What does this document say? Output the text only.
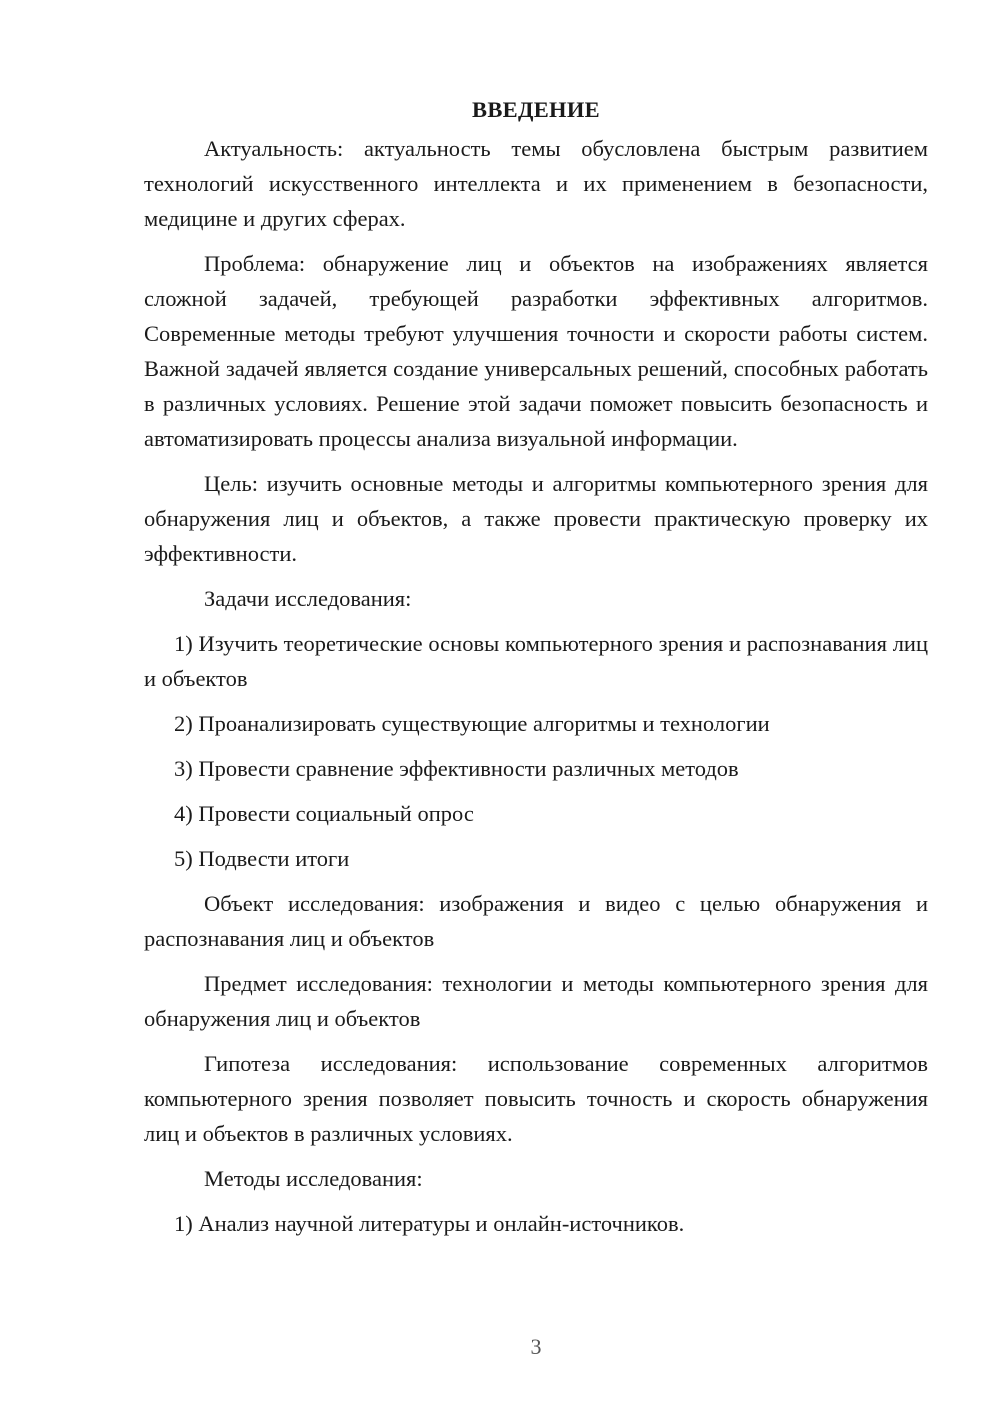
ВВЕДЕНИЕ

Актуальность: актуальность темы обусловлена быстрым развитием технологий искусственного интеллекта и их применением в безопасности, медицине и других сферах.

Проблема: обнаружение лиц и объектов на изображениях является сложной задачей, требующей разработки эффективных алгоритмов. Современные методы требуют улучшения точности и скорости работы систем. Важной задачей является создание универсальных решений, способных работать в различных условиях. Решение этой задачи поможет повысить безопасность и автоматизировать процессы анализа визуальной информации.

Цель: изучить основные методы и алгоритмы компьютерного зрения для обнаружения лиц и объектов, а также провести практическую проверку их эффективности.

Задачи исследования:

1) Изучить теоретические основы компьютерного зрения и распознавания лиц и объектов

2) Проанализировать существующие алгоритмы и технологии

3) Провести сравнение эффективности различных методов

4) Провести социальный опрос

5) Подвести итоги

Объект исследования: изображения и видео с целью обнаружения и распознавания лиц и объектов

Предмет исследования: технологии и методы компьютерного зрения для обнаружения лиц и объектов

Гипотеза исследования: использование современных алгоритмов компьютерного зрения позволяет повысить точность и скорость обнаружения лиц и объектов в различных условиях.

Методы исследования:

1) Анализ научной литературы и онлайн-источников.

3
